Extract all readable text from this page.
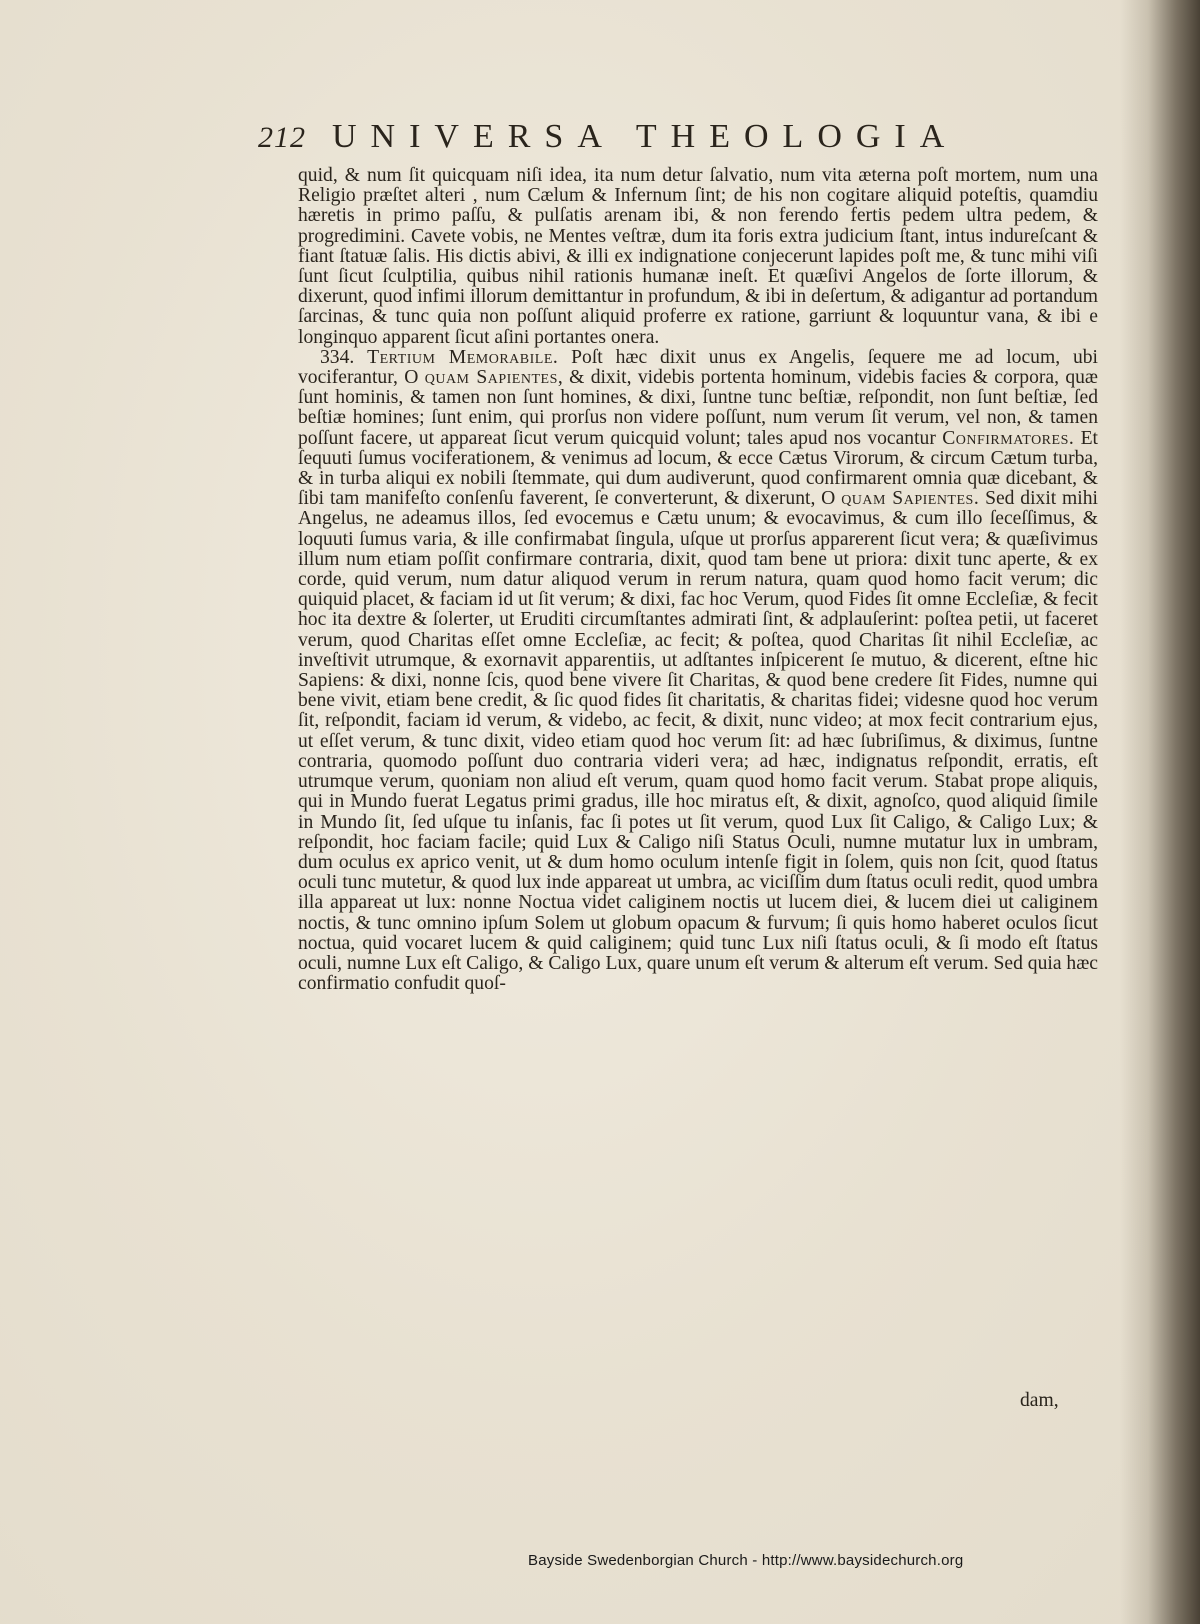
212 UNIVERSA THEOLOGIA

quid, & num ſit quicquam niſi idea, ita num detur ſalvatio, num vita æterna poſt mortem, num una Religio præſtet alteri , num Cælum & Infernum ſint; de his non cogitare aliquid poteſtis, quamdiu hæretis in primo paſſu, & pulſatis arenam ibi, & non ferendo fertis pedem ultra pedem, & progredimini. Cavete vobis, ne Mentes veſtræ, dum ita foris extra judicium ſtant, intus indureſcant & fiant ſtatuæ ſalis. His dictis abivi, & illi ex indignatione conjecerunt lapides poſt me, & tunc mihi viſi ſunt ſicut ſculptilia, quibus nihil rationis humanæ ineſt. Et quæſivi Angelos de ſorte illorum, & dixerunt, quod infimi illorum demittantur in profundum, & ibi in deſertum, & adigantur ad portandum ſarcinas, & tunc quia non poſſunt aliquid proferre ex ratione, garriunt & loquuntur vana, & ibi e longinquo apparent ſicut aſini portantes onera.

334. Tertium Memorabile. Poſt hæc dixit unus ex Angelis, ſequere me ad locum, ubi vociferantur, O quam Sapientes, & dixit, videbis portenta hominum, videbis facies & corpora, quæ ſunt hominis, & tamen non ſunt homines, & dixi, ſuntne tunc beſtiæ, reſpondit, non ſunt beſtiæ, ſed beſtiæ homines; ſunt enim, qui prorſus non videre poſſunt, num verum ſit verum, vel non, & tamen poſſunt facere, ut appareat ſicut verum quicquid volunt; tales apud nos vocantur Confirmatores. Et ſequuti ſumus vociferationem, & venimus ad locum, & ecce Cætus Virorum, & circum Cætum turba, & in turba aliqui ex nobili ſtemmate, qui dum audiverunt, quod confirmarent omnia quæ dicebant, & ſibi tam manifeſto conſenſu faverent, ſe converterunt, & dixerunt, O quam Sapientes. Sed dixit mihi Angelus, ne adeamus illos, ſed evocemus e Cætu unum; & evocavimus, & cum illo ſeceſſimus, & loquuti ſumus varia, & ille confirmabat ſingula, uſque ut prorſus apparerent ſicut vera; & quæſivimus illum num etiam poſſit confirmare contraria, dixit, quod tam bene ut priora: dixit tunc aperte, & ex corde, quid verum, num datur aliquod verum in rerum natura, quam quod homo facit verum; dic quiquid placet, & faciam id ut ſit verum; & dixi, fac hoc Verum, quod Fides ſit omne Eccleſiæ, & fecit hoc ita dextre & ſolerter, ut Eruditi circumſtantes admirati ſint, & adplauſerint: poſtea petii, ut faceret verum, quod Charitas eſſet omne Eccleſiæ, ac fecit; & poſtea, quod Charitas ſit nihil Eccleſiæ, ac inveſtivit utrumque, & exornavit apparentiis, ut adſtantes inſpicerent ſe mutuo, & dicerent, eſtne hic Sapiens: & dixi, nonne ſcis, quod bene vivere ſit Charitas, & quod bene credere ſit Fides, numne qui bene vivit, etiam bene credit, & ſic quod fides ſit charitatis, & charitas fidei; videsne quod hoc verum ſit, reſpondit, faciam id verum, & videbo, ac fecit, & dixit, nunc video; at mox fecit contrarium ejus, ut eſſet verum, & tunc dixit, video etiam quod hoc verum ſit: ad hæc ſubriſimus, & diximus, ſuntne contraria, quomodo poſſunt duo contraria videri vera; ad hæc, indignatus reſpondit, erratis, eſt utrumque verum, quoniam non aliud eſt verum, quam quod homo facit verum. Stabat prope aliquis, qui in Mundo fuerat Legatus primi gradus, ille hoc miratus eſt, & dixit, agnoſco, quod aliquid ſimile in Mundo ſit, ſed uſque tu inſanis, fac ſi potes ut ſit verum, quod Lux ſit Caligo, & Caligo Lux; & reſpondit, hoc faciam facile; quid Lux & Caligo niſi Status Oculi, numne mutatur lux in umbram, dum oculus ex aprico venit, ut & dum homo oculum intenſe figit in ſolem, quis non ſcit, quod ſtatus oculi tunc mutetur, & quod lux inde appareat ut umbra, ac viciſſim dum ſtatus oculi redit, quod umbra illa appareat ut lux: nonne Noctua videt caliginem noctis ut lucem diei, & lucem diei ut caliginem noctis, & tunc omnino ipſum Solem ut globum opacum & furvum; ſi quis homo haberet oculos ſicut noctua, quid vocaret lucem & quid caliginem; quid tunc Lux niſi ſtatus oculi, & ſi modo eſt ſtatus oculi, numne Lux eſt Caligo, & Caligo Lux, quare unum eſt verum & alterum eſt verum. Sed quia hæc confirmatio confudit quoſ-

dam,
Bayside Swedenborgian Church - http://www.baysidechurch.org
